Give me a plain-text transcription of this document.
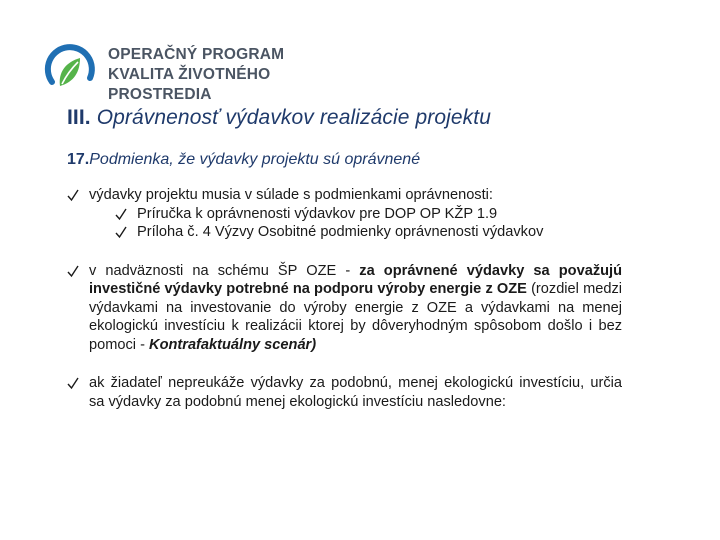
OPERAČNÝ PROGRAM
KVALITA ŽIVOTNÉHO PROSTREDIA
III. Oprávnenosť výdavkov realizácie projektu
17.Podmienka, že výdavky projektu sú oprávnené
výdavky projektu musia v súlade s podmienkami oprávnenosti:
Príručka k oprávnenosti výdavkov pre DOP OP KŽP 1.9
Príloha č. 4 Výzvy Osobitné podmienky oprávnenosti výdavkov
v nadväznosti na schému ŠP OZE - za oprávnené výdavky sa považujú investičné výdavky potrebné na podporu výroby energie z OZE (rozdiel medzi výdavkami na investovanie do výroby energie z OZE a výdavkami na menej ekologickú investíciu k realizácii ktorej by dôveryhodným spôsobom došlo i bez pomoci - Kontrafaktuálny scenár)
ak žiadateľ nepreukáže výdavky za podobnú, menej ekologickú investíciu, určia sa výdavky za podobnú menej ekologickú investíciu nasledovne:
